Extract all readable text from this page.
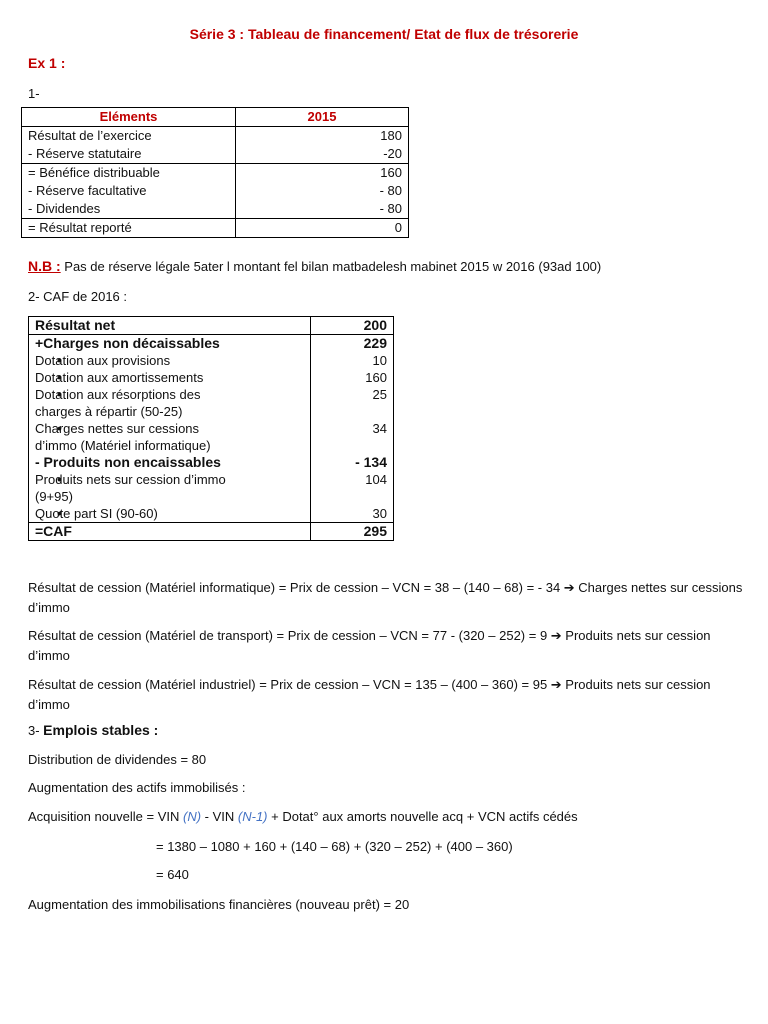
Série 3 : Tableau de financement/ Etat de flux de trésorerie
Ex 1 :
1-
Eléments	2015
Résultat de l’exercice	180
- Réserve statutaire	-20
= Bénéfice distribuable	160
- Réserve facultative	- 80
- Dividendes	- 80
= Résultat reporté	0
N.B : Pas de réserve légale 5ater l montant fel bilan matbadelesh mabinet 2015 w 2016 (93ad 100)
2- CAF de 2016 :
Résultat net	200
+Charges non décaissables	229
• Dotation aux provisions	10
• Dotation aux amortissements	160
• Dotation aux résorptions des
charges à répartir (50-25)	25
• Charges nettes sur cessions
d’immo (Matériel informatique)	34
- Produits non encaissables	- 134
• Produits nets sur cession d’immo
(9+95)	104
• Quote part SI (90-60)	30
=CAF	295
Résultat de cession (Matériel informatique) = Prix de cession – VCN = 38 – (140 – 68) = - 34 ➔ Charges nettes sur cessions d’immo
Résultat de cession (Matériel de transport) = Prix de cession – VCN = 77 - (320 – 252) = 9 ➔ Produits nets sur cession d’immo
Résultat de cession (Matériel industriel) = Prix de cession – VCN = 135 – (400 – 360) = 95 ➔ Produits nets sur cession d’immo
3- Emplois stables :
Distribution de dividendes = 80
Augmentation des actifs immobilisés :
Acquisition nouvelle = VIN (N) - VIN (N-1) + Dotat° aux amorts nouvelle acq + VCN actifs cédés
= 1380 – 1080 + 160 + (140 – 68) + (320 – 252) + (400 – 360)
= 640
Augmentation des immobilisations financières (nouveau prêt) = 20
